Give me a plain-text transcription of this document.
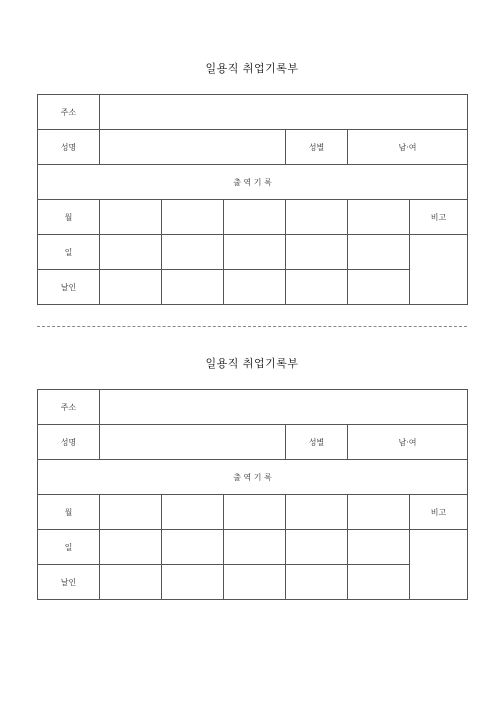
일용직 취업기록부
주소						
성명				성별	남·여	
출 역 기 록						
월						비고
일						
날인						
일용직 취업기록부
주소						
성명				성별	남·여	
출 역 기 록						
월						비고
일						
날인						
